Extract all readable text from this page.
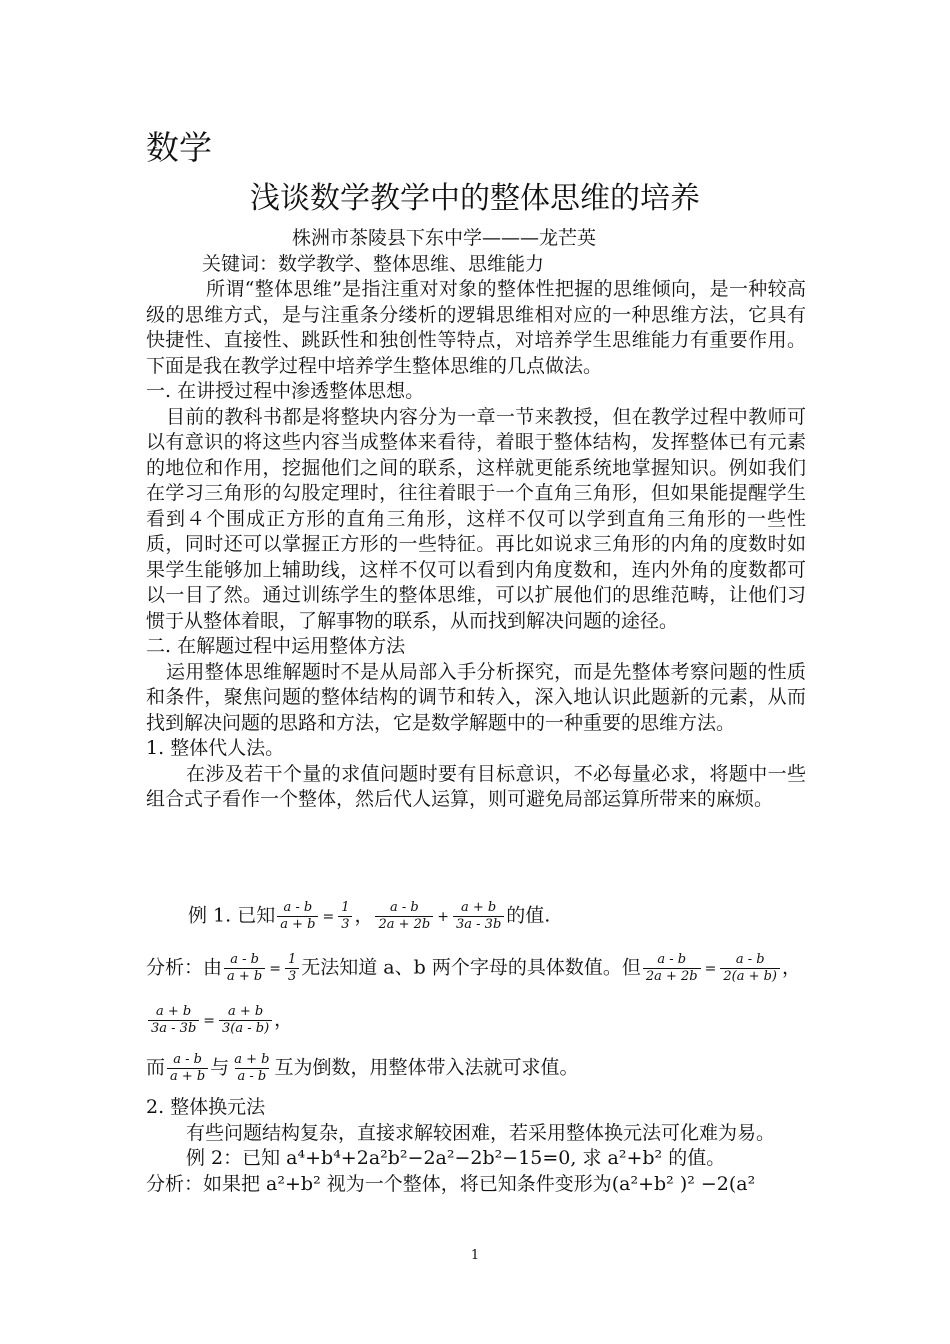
数学
浅谈数学教学中的整体思维的培养

株洲市茶陵县下东中学———龙芒英

关键词：数学教学、整体思维、思维能力

所谓“整体思维”是指注重对对象的整体性把握的思维倾向，是一种较高级的思维方式，是与注重条分缕析的逻辑思维相对应的一种思维方法，它具有快捷性、直接性、跳跃性和独创性等特点，对培养学生思维能力有重要作用。下面是我在教学过程中培养学生整体思维的几点做法。

一. 在讲授过程中渗透整体思想。

目前的教科书都是将整块内容分为一章一节来教授，但在教学过程中教师可以有意识的将这些内容当成整体来看待，着眼于整体结构，发挥整体已有元素的地位和作用，挖掘他们之间的联系，这样就更能系统地掌握知识。例如我们在学习三角形的勾股定理时，往往着眼于一个直角三角形，但如果能提醒学生看到４个围成正方形的直角三角形，这样不仅可以学到直角三角形的一些性质，同时还可以掌握正方形的一些特征。再比如说求三角形的内角的度数时如果学生能够加上辅助线，这样不仅可以看到内角度数和，连内外角的度数都可以一目了然。通过训练学生的整体思维，可以扩展他们的思维范畴，让他们习惯于从整体着眼，了解事物的联系，从而找到解决问题的途径。

二. 在解题过程中运用整体方法

运用整体思维解题时不是从局部入手分析探究，而是先整体考察问题的性质和条件，聚焦问题的整体结构的调节和转入，深入地认识此题新的元素，从而找到解决问题的思路和方法，它是数学解题中的一种重要的思维方法。

1. 整体代人法。

在涉及若干个量的求值问题时要有目标意识，不必每量必求，将题中一些组合式子看作一个整体，然后代人运算，则可避免局部运算所带来的麻烦。

例 1. 已知 $\frac{a - b}{a + b} = \frac{1}{3}$ ， $\frac{a - b}{2a + 2b} + \frac{a + b}{3a - 3b}$ 的值.
分析：由 $\frac{a - b}{a + b} = \frac{1}{3}$ 无法知道 a、b 两个字母的具体数值。但 $\frac{a - b}{2a + 2b} = \frac{a - b}{2(a + b)}$ ，
$\frac{a + b}{3a - 3b} = \frac{a + b}{3(a - b)}$ ，
而 $\frac{a - b}{a + b}$ 与 $\frac{a + b}{a - b}$ 互为倒数，用整体带入法就可求值。

2. 整体换元法

有些问题结构复杂，直接求解较困难，若采用整体换元法可化难为易。

例 2：已知 a⁴+b⁴+2a²b²−2a²−2b²−15=0, 求 a²+b² 的值。

分析：如果把 a²+b² 视为一个整体，将已知条件变形为(a²+b² )² −2(a²

1
